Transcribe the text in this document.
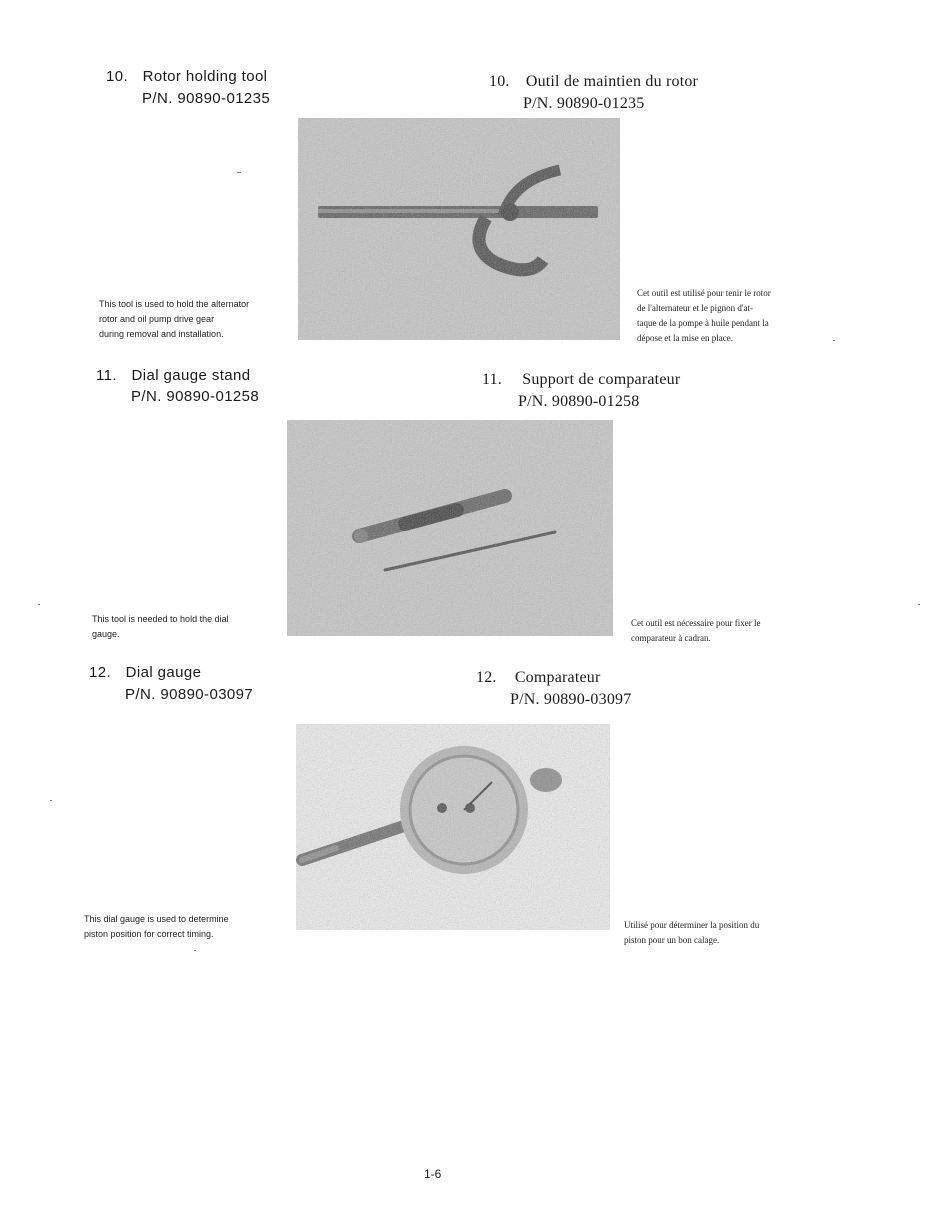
10. Rotor holding tool
P/N. 90890-01235
10. Outil de maintien du rotor
P/N. 90890-01235
This tool is used to hold the alternator
rotor and oil pump drive gear
during removal and installation.
Cet outil est utilisé pour tenir le rotor
de l'alternateur et le pignon d'at-
taque de la pompe à huile pendant la
dépose et la mise en place.
11. Dial gauge stand
P/N. 90890-01258
11. Support de comparateur
P/N. 90890-01258
This tool is needed to hold the dial
gauge.
Cet outil est nécessaire pour fixer le
comparateur à cadran.
12. Dial gauge
P/N. 90890-03097
12. Comparateur
P/N. 90890-03097
This dial gauge is used to determine
piston position for correct timing.
Utilisé pour déterminer la position du
piston pour un bon calage.
1-6
